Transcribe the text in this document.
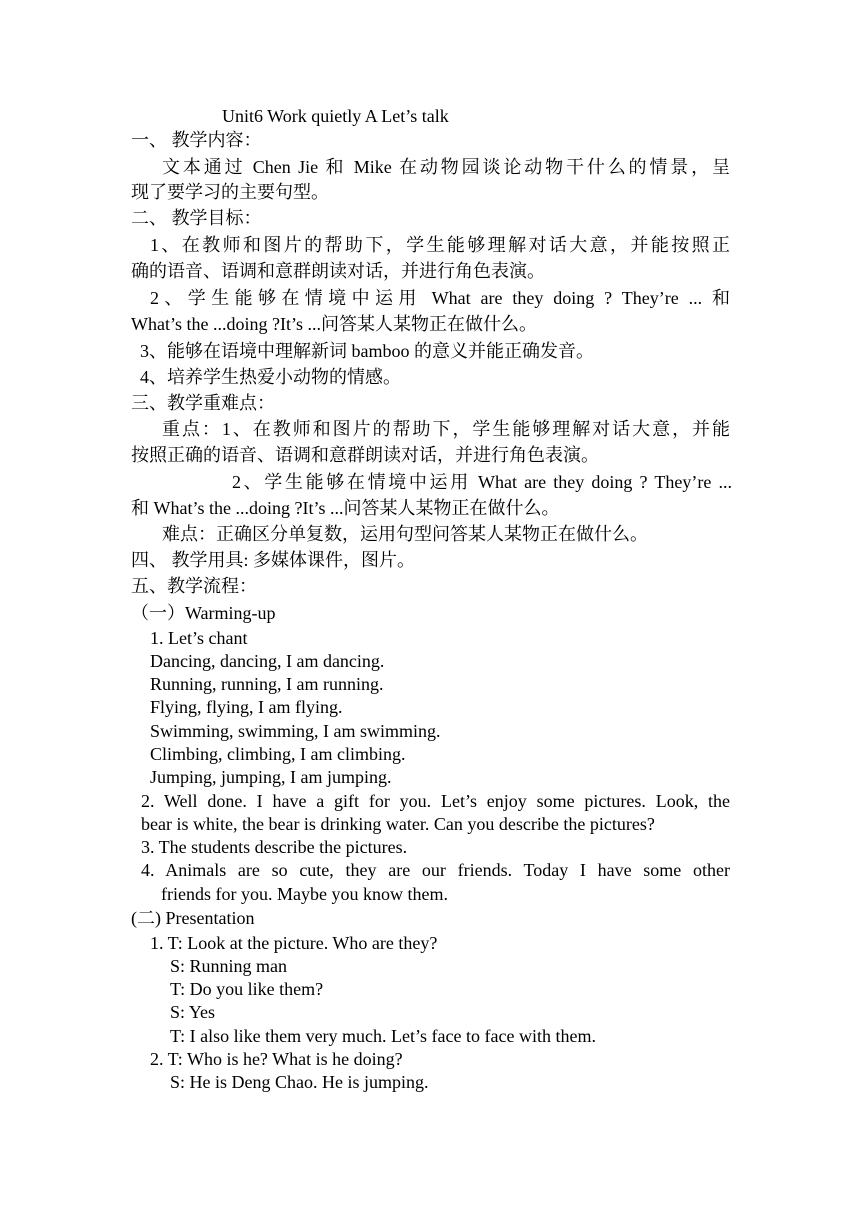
Unit6 Work quietly A Let’s talk
一、 教学内容：
文本通过 Chen Jie 和 Mike 在动物园谈论动物干什么的情景，呈
现了要学习的主要句型。
二、 教学目标：
1、在教师和图片的帮助下，学生能够理解对话大意，并能按照正
确的语音、语调和意群朗读对话，并进行角色表演。
2、学生能够在情境中运用 What are they doing ? They’re ... 和
What’s the ...doing ?It’s ...问答某人某物正在做什么。
3、能够在语境中理解新词 bamboo 的意义并能正确发音。
4、培养学生热爱小动物的情感。
三、教学重难点：
重点：1、在教师和图片的帮助下，学生能够理解对话大意，并能
按照正确的语音、语调和意群朗读对话，并进行角色表演。
2、学生能够在情境中运用 What are they doing ? They’re ...
和 What’s the ...doing ?It’s ...问答某人某物正在做什么。
难点：正确区分单复数，运用句型问答某人某物正在做什么。
四、 教学用具: 多媒体课件，图片。
五、教学流程：
（一）Warming-up
1. Let’s chant
Dancing, dancing, I am dancing.
Running, running, I am running.
Flying, flying, I am flying.
Swimming, swimming, I am swimming.
Climbing, climbing, I am climbing.
Jumping, jumping, I am jumping.
2. Well done. I have a gift for you. Let’s enjoy some pictures. Look, the
bear is white, the bear is drinking water. Can you describe the pictures?
3. The students describe the pictures.
4. Animals are so cute, they are our friends. Today I have some other
friends for you. Maybe you know them.
(二) Presentation
1. T: Look at the picture. Who are they?
S: Running man
T: Do you like them?
S: Yes
T: I also like them very much. Let’s face to face with them.
2. T: Who is he? What is he doing?
S: He is Deng Chao. He is jumping.
